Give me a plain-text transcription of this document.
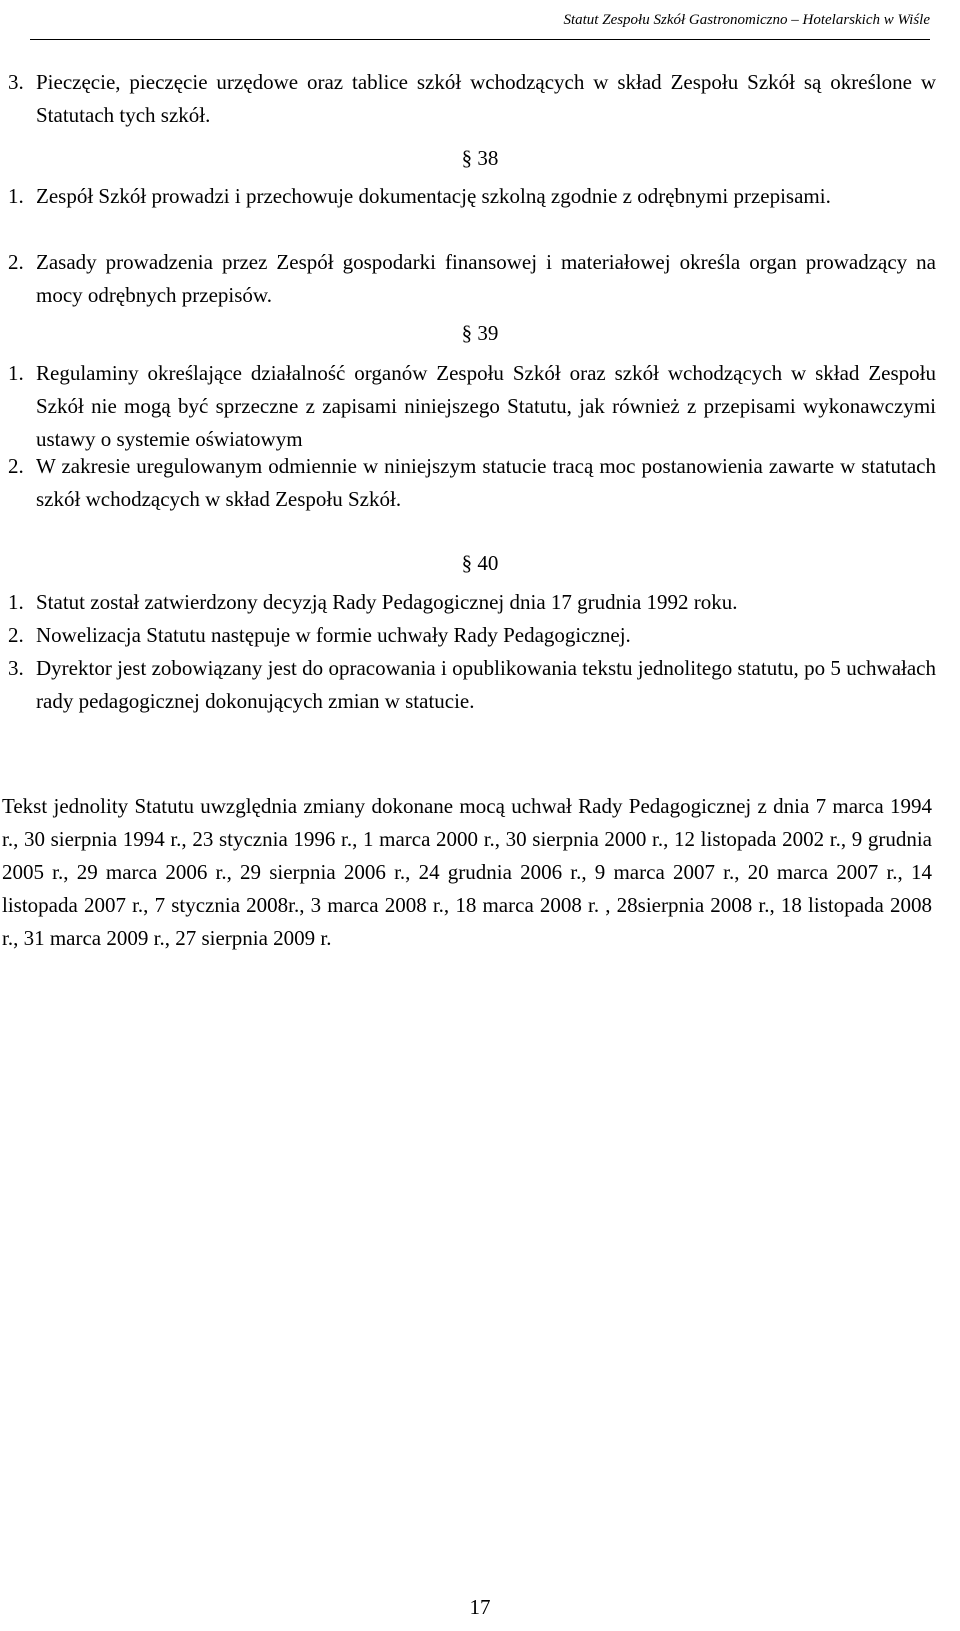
Statut Zespołu Szkół Gastronomiczno – Hotelarskich w Wiśle
3. Pieczęcie, pieczęcie urzędowe oraz tablice szkół wchodzących w skład Zespołu Szkół są określone w Statutach tych szkół.
§ 38
1. Zespół Szkół prowadzi i przechowuje dokumentację szkolną zgodnie z odrębnymi przepisami.
2. Zasady prowadzenia przez Zespół gospodarki finansowej i materiałowej określa organ prowadzący na mocy odrębnych przepisów.
§ 39
1. Regulaminy określające działalność organów Zespołu Szkół oraz szkół wchodzących w skład Zespołu Szkół nie mogą być sprzeczne z zapisami niniejszego Statutu, jak również z przepisami wykonawczymi ustawy o systemie oświatowym
2. W zakresie uregulowanym odmiennie w niniejszym statucie tracą moc postanowienia zawarte w statutach szkół wchodzących w skład Zespołu Szkół.
§ 40
1. Statut został zatwierdzony decyzją Rady Pedagogicznej dnia 17 grudnia 1992 roku.
2. Nowelizacja Statutu następuje w formie uchwały Rady Pedagogicznej.
3. Dyrektor jest zobowiązany jest do opracowania i opublikowania tekstu jednolitego statutu, po 5 uchwałach rady pedagogicznej dokonujących zmian w statucie.
Tekst jednolity Statutu uwzględnia zmiany dokonane mocą uchwał Rady Pedagogicznej z dnia 7 marca 1994 r., 30 sierpnia 1994 r., 23 stycznia 1996 r., 1 marca 2000 r., 30 sierpnia 2000 r., 12 listopada 2002 r., 9 grudnia 2005 r., 29 marca 2006 r., 29 sierpnia 2006 r., 24 grudnia 2006 r., 9 marca 2007 r., 20 marca 2007 r., 14 listopada 2007 r., 7 stycznia 2008r., 3 marca 2008 r., 18 marca 2008 r. , 28sierpnia 2008 r., 18 listopada 2008 r., 31 marca 2009 r., 27 sierpnia 2009 r.
17
